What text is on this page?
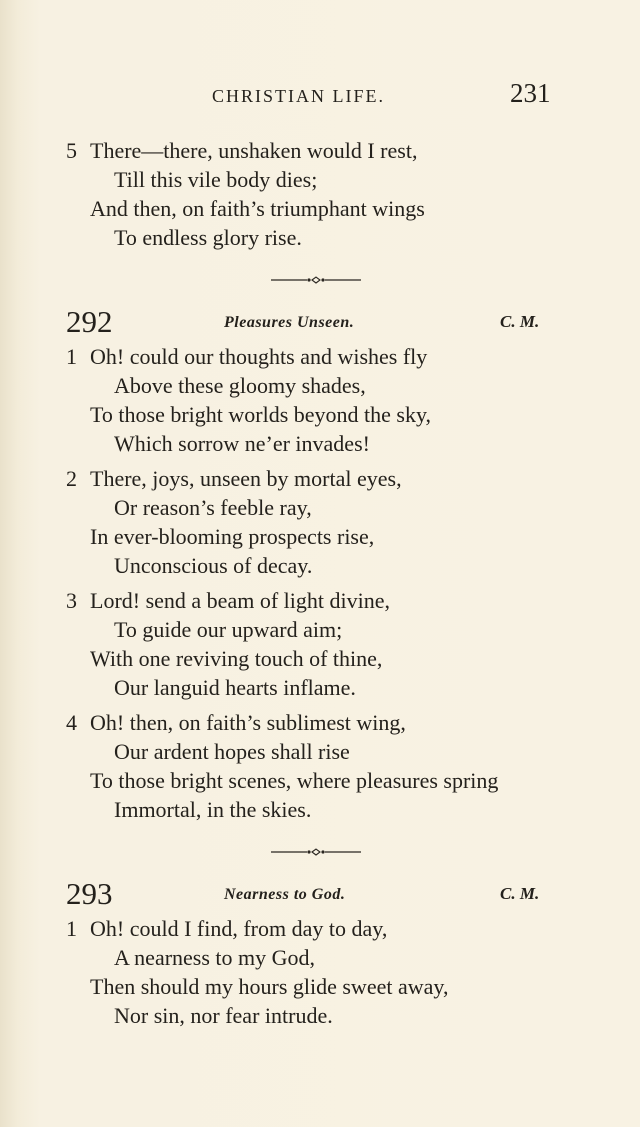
CHRISTIAN LIFE.	231
5 There—there, unshaken would I rest,
Till this vile body dies;
And then, on faith’s triumphant wings
To endless glory rise.
292	Pleasures Unseen.	C. M.
1 Oh! could our thoughts and wishes fly
Above these gloomy shades,
To those bright worlds beyond the sky,
Which sorrow ne’er invades!
2 There, joys, unseen by mortal eyes,
Or reason’s feeble ray,
In ever-blooming prospects rise,
Unconscious of decay.
3 Lord! send a beam of light divine,
To guide our upward aim;
With one reviving touch of thine,
Our languid hearts inflame.
4 Oh! then, on faith’s sublimest wing,
Our ardent hopes shall rise
To those bright scenes, where pleasures spring
Immortal, in the skies.
293	Nearness to God.	C. M.
1 Oh! could I find, from day to day,
A nearness to my God,
Then should my hours glide sweet away,
Nor sin, nor fear intrude.
